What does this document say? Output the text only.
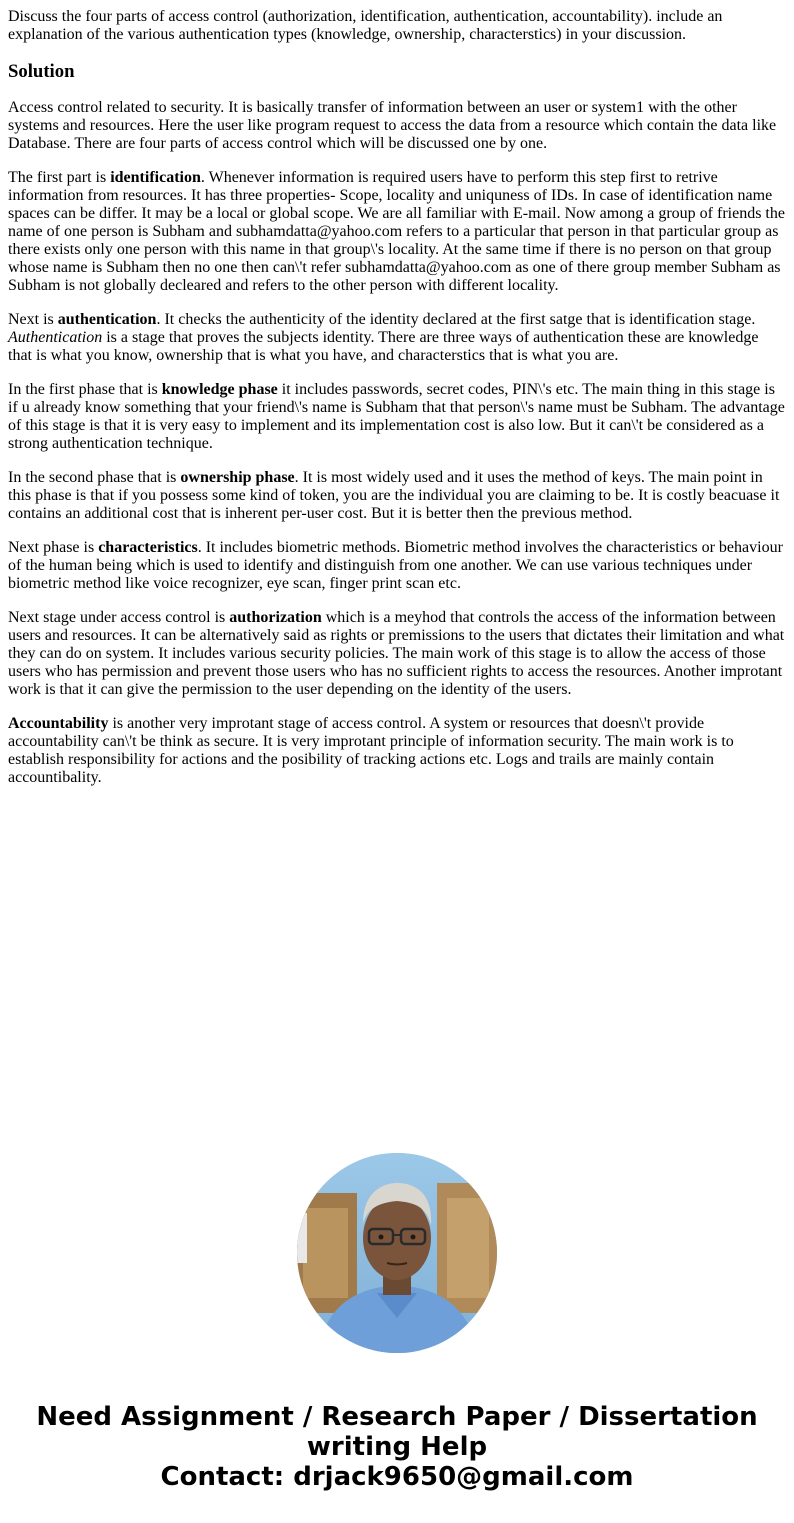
Discuss the four parts of access control (authorization, identification, authentication, accountability). include an explanation of the various authentication types (knowledge, ownership, characterstics) in your discussion.

Solution

Access control related to security. It is basically transfer of information between an user or system1 with the other systems and resources. Here the user like program request to access the data from a resource which contain the data like Database. There are four parts of access control which will be discussed one by one.

The first part is identification. Whenever information is required users have to perform this step first to retrive information from resources. It has three properties- Scope, locality and uniquness of IDs. In case of identification name spaces can be differ. It may be a local or global scope. We are all familiar with E-mail. Now among a group of friends the name of one person is Subham and subhamdatta@yahoo.com refers to a particular that person in that particular group as there exists only one person with this name in that group\'s locality. At the same time if there is no person on that group whose name is Subham then no one then can\'t refer subhamdatta@yahoo.com as one of there group member Subham as Subham is not globally decleared and refers to the other person with different locality.

Next is authentication. It checks the authenticity of the identity declared at the first satge that is identification stage.
Authentication is a stage that proves the subjects identity. There are three ways of authentication these are knowledge that is what you know, ownership that is what you have, and characterstics that is what you are.

In the first phase that is knowledge phase it includes passwords, secret codes, PIN\'s etc. The main thing in this stage is if u already know something that your friend\'s name is Subham that that person\'s name must be Subham. The advantage of this stage is that it is very easy to implement and its implementation cost is also low. But it can\'t be considered as a strong authentication technique.

In the second phase that is ownership phase. It is most widely used and it uses the method of keys. The main point in this phase is that if you possess some kind of token, you are the individual you are claiming to be. It is costly beacuase it contains an additional cost that is inherent per-user cost. But it is better then the previous method.

Next phase is characteristics. It includes biometric methods. Biometric method involves the characteristics or behaviour of the human being which is used to identify and distinguish from one another. We can use various techniques under biometric method like voice recognizer, eye scan, finger print scan etc.

Next stage under access control is authorization which is a meyhod that controls the access of the information between users and resources. It can be alternatively said as rights or premissions to the users that dictates their limitation and what they can do on system. It includes various security policies. The main work of this stage is to allow the access of those users who has permission and prevent those users who has no sufficient rights to access the resources. Another improtant work is that it can give the permission to the user depending on the identity of the users.

Accountability is another very improtant stage of access control. A system or resources that doesn\'t provide accountability can\'t be think as secure. It is very improtant principle of information security. The main work is to establish responsibility for actions and the posibility of tracking actions etc. Logs and trails are mainly contain accountibality.

Need Assignment / Research Paper / Dissertation
writing Help
Contact: drjack9650@gmail.com
